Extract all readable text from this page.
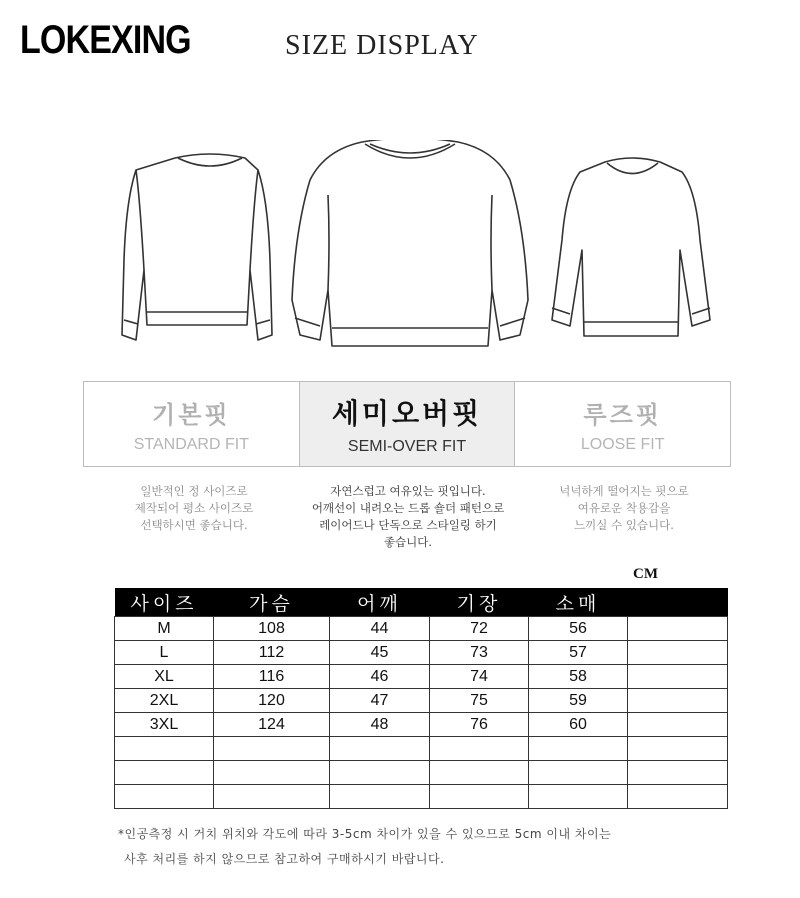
LOKEXING	SIZE DISPLAY
기본핏
STANDARD FIT
세미오버핏
SEMI-OVER FIT
루즈핏
LOOSE FIT
일반적인 정 사이즈로
제작되어 평소 사이즈로
선택하시면 좋습니다.
자연스럽고 여유있는 핏입니다.
어깨선이 내려오는 드롭 숄더 패턴으로
레이어드나 단독으로 스타일링 하기
좋습니다.
넉넉하게 떨어지는 핏으로
여유로운 착용감을
느끼실 수 있습니다.
CM
사이즈	가슴	어깨	기장	소매	
M	108	44	72	56	
L	112	45	73	57	
XL	116	46	74	58	
2XL	120	47	75	59	
3XL	124	48	76	60	

*인공측정 시 거치 위치와 각도에 따라 3-5cm 차이가 있을 수 있으므로 5cm 이내 차이는
사후 처리를 하지 않으므로 참고하여 구매하시기 바랍니다.
